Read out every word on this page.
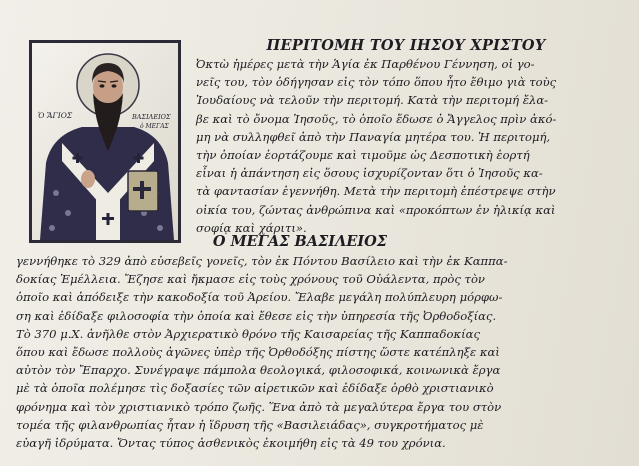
Ὁ ἍΓΙΟΣ	ΒΑΣΙΛΕΙΟΣ
ὁ ΜΕΓΑΣ
ΠΕΡΙΤΟΜΗ ΤΟΥ ΙΗΣΟΥ ΧΡΙΣΤΟΥ
Ὀκτὼ ἡμέρες μετὰ τὴν Ἁγία ἐκ Παρθένου Γέννηση, οἱ γο-
νεῖς του, τὸν ὁδήγησαν εἰς τὸν τόπο ὅπου ἦτο ἔθιμο γιὰ τοὺς
Ἰουδαίους νὰ τελοῦν τὴν περιτομή. Κατὰ τὴν περιτομή ἔλα-
βε καὶ τὸ ὄνομα Ἰησοῦς, τὸ ὁποῖο ἔδωσε ὁ Ἄγγελος πρὶν ἀκό-
μη νὰ συλληφθεῖ ἀπὸ τὴν Παναγία μητέρα του. Ἡ περιτομή,
τὴν ὁποίαν ἑορτάζουμε καὶ τιμοῦμε ὡς Δεσποτικὴ ἑορτή
εἶναι ἡ ἀπάντηση εἰς ὅσους ἰσχυρίζονταν ὅτι ὁ Ἰησοῦς κα-
τὰ φαντασίαν ἐγεννήθη. Μετὰ τὴν περιτομὴ ἐπέστρεψε στὴν
οἰκία του, ζώντας ἀνθρώπινα καὶ «προκόπτων ἐν ἡλικίᾳ καὶ
σοφίᾳ καὶ χάριτι».
Ο ΜΕΓΑΣ ΒΑΣΙΛΕΙΟΣ
γεννήθηκε τὸ 329 ἀπὸ εὐσεβεῖς γονεῖς, τὸν ἐκ Πόντου Βασίλειο καὶ τὴν ἐκ Καππα-
δοκίας Ἐμέλλεια. Ἔζησε καὶ ἤκμασε εἰς τοὺς χρόνους τοῦ Οὐάλεντα, πρὸς τὸν
ὁποῖο καὶ ἀπόδειξε τὴν κακοδοξία τοῦ Ἀρείου. Ἔλαβε μεγάλη πολύπλευρη μόρφω-
ση καὶ ἐδίδαξε φιλοσοφία τὴν ὁποία καὶ ἔθεσε εἰς τὴν ὑπηρεσία τῆς Ὀρθοδοξίας.
Τὸ 370 μ.Χ. ἀνῆλθε στὸν Ἀρχιερατικὸ θρόνο τῆς Καισαρείας τῆς Καππαδοκίας
ὅπου καὶ ἔδωσε πολλοὺς ἀγῶνες ὑπὲρ τῆς Ὀρθοδόξης πίστης ὥστε κατέπληξε καὶ
αὐτὸν τὸν Ἔπαρχο. Συνέγραψε πάμπολα θεολογικά, φιλοσοφικά, κοινωνικὰ ἔργα
μὲ τὰ ὁποῖα πολέμησε τὶς δοξασίες τῶν αἱρετικῶν καὶ ἐδίδαξε ὀρθὸ χριστιανικὸ
φρόνημα καὶ τὸν χριστιανικὸ τρόπο ζωῆς. Ἕνα ἀπὸ τὰ μεγαλύτερα ἔργα του στὸν
τομέα τῆς φιλανθρωπίας ἦταν ἡ ἵδρυση τῆς «Βασιλειάδας», συγκροτήματος μὲ
εὐαγῆ ἱδρύματα. Ὄντας τύπος ἀσθενικὸς ἐκοιμήθη εἰς τὰ 49 του χρόνια.
